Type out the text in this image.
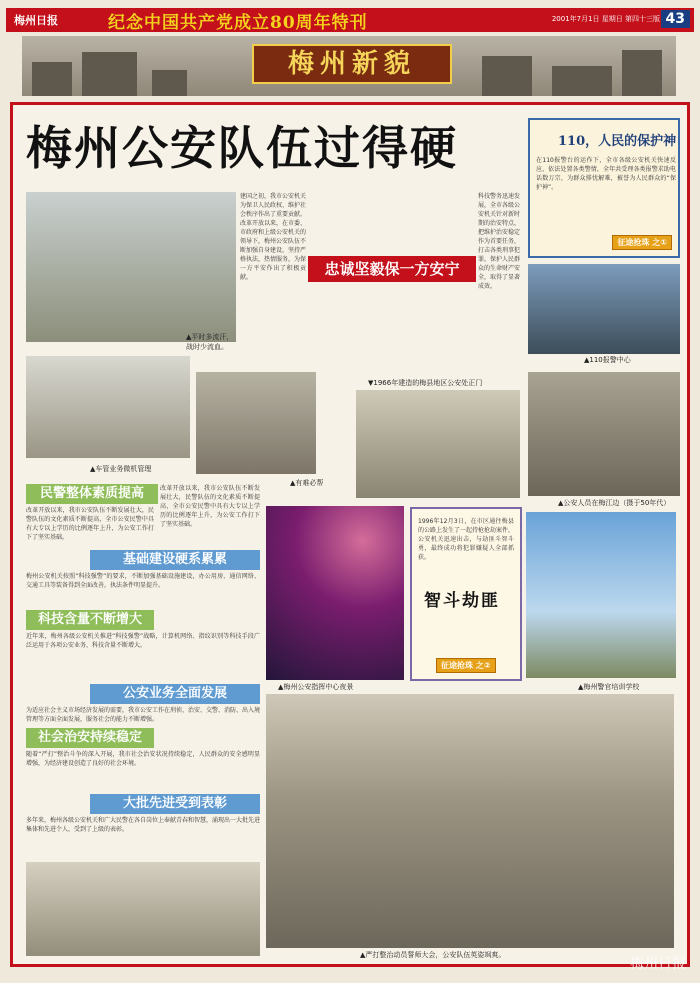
梅州日报	纪念中国共产党成立80周年特刊	2001年7月1日 星期日 第四十三版 43
梅州新貌
梅州公安队伍过得硬
▲平时多流汗，战时少流血。
▲车管业务微机管理
建国之初，我市公安机关为保卫人民政权、维护社会秩序作出了重要贡献。改革开放以来，在市委、市政府和上级公安机关的领导下，梅州公安队伍不断加强自身建设，坚持严格执法，热情服务，为保一方平安作出了积极贡献。
科技警务迅速发展，全市各级公安机关针对新时期的治安特点，把维护治安稳定作为首要任务，打击各类刑事犯罪，保护人民群众的生命财产安全，取得了显著成效。
忠诚坚毅保一方安宁
110，人民的保护神
在110报警台的运作下，全市各级公安机关快速反应，依法处置各类警情，全年共受理各类报警求助电话数万宗，为群众排忧解难，被誉为人民群众的“保护神”。
征途抢珠 之①
▲110报警中心
▲有难必帮
▼1966年建造的梅县地区公安处正门
▲公安人员在梅江边（摄于50年代）
民警整体素质提高
改革开放以来，我市公安队伍不断发展壮大，民警队伍的文化素质不断提高，全市公安民警中具有大专以上学历的比例逐年上升，为公安工作打下了坚实基础。
改革开放以来，我市公安队伍不断发展壮大，民警队伍的文化素质不断提高，全市公安民警中具有大专以上学历的比例逐年上升，为公安工作打下了坚实基础。
基础建设硬系累累
梅州公安机关按照“科技强警”的要求，不断加强基础设施建设，办公用房、通信网络、交通工具等装备得到全面改善，执法条件明显提升。
科技含量不断增大
近年来，梅州各级公安机关推进“科技强警”战略，计算机网络、指纹识别等科技手段广泛运用于各项公安业务，科技含量不断增大。
公安业务全面发展
为适应社会主义市场经济发展的需要，我市公安工作在刑侦、治安、交警、消防、出入境管理等方面全面发展，服务社会的能力不断增强。
社会治安持续稳定
随着“严打”整治斗争的深入开展，我市社会治安状况持续稳定，人民群众的安全感明显增强，为经济建设创造了良好的社会环境。
大批先进受到表彰
多年来，梅州各级公安机关和广大民警在各自岗位上奉献青春和智慧，涌现出一大批先进集体和先进个人，受到了上级的表彰。
▲梅州公安指挥中心夜景
1996年12月3日，在市区通往梅县的公路上发生了一起持枪抢劫案件，公安机关迅速出击，与劫匪斗智斗勇，最终成功将犯罪嫌疑人全部抓获。
征途抢珠 之②
智斗劫匪
▲梅州警官培训学校
▲严打整治动员誓师大会，公安队伍英姿飒爽。
梅州日报
